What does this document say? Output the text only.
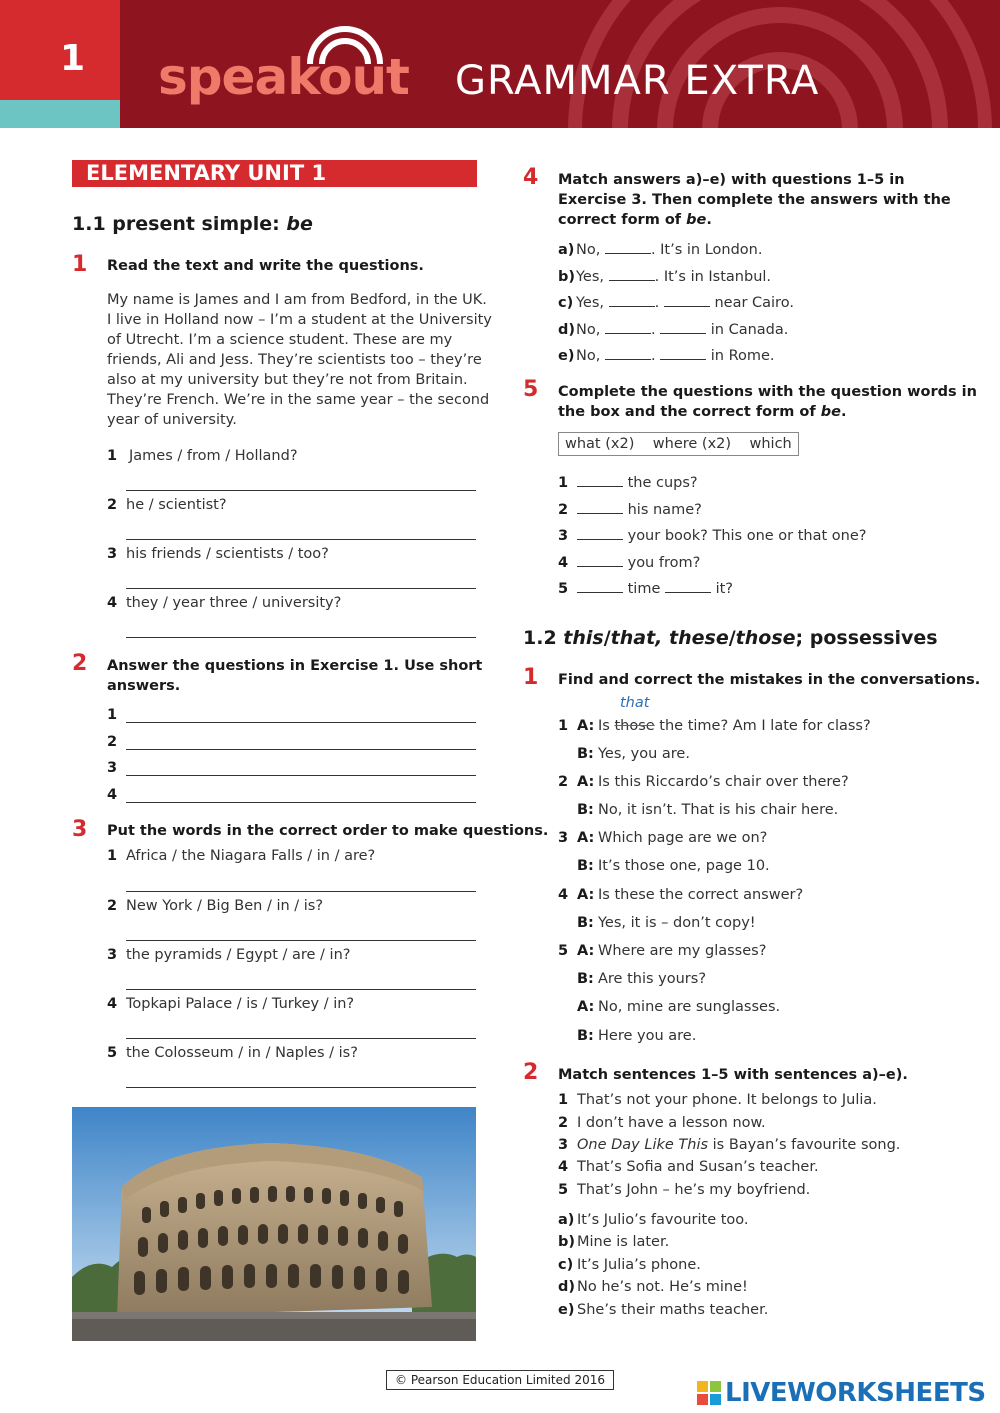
1 speakout GRAMMAR EXTRA
ELEMENTARY UNIT 1
1.1 present simple: be
1 Read the text and write the questions.
My name is James and I am from Bedford, in the UK.
I live in Holland now – I’m a student at the University
of Utrecht. I’m a science student. These are my
friends, Ali and Jess. They’re scientists too – they’re
also at my university but they’re not from Britain.
They’re French. We’re in the same year – the second
year of university.
1 James / from / Holland?
2 he / scientist?
3 his friends / scientists / too?
4 they / year three / university?
2 Answer the questions in Exercise 1. Use short
answers.
1
2
3
4
3 Put the words in the correct order to make questions.
1 Africa / the Niagara Falls / in / are?
2 New York / Big Ben / in / is?
3 the pyramids / Egypt / are / in?
4 Topkapi Palace / is / Turkey / in?
5 the Colosseum / in / Naples / is?
4 Match answers a)–e) with questions 1–5 in
Exercise 3. Then complete the answers with the
correct form of be.
a) No,	. It’s in London.
b)Yes,	. It’s in Istanbul.
c) Yes,	.	near Cairo.
d)No,	.	in Canada.
e) No,	.	in Rome.
5 Complete the questions with the question words in
the box and the correct form of be.
what (x2)    where (x2)    which
1	the cups?
2	his name?
3	your book? This one or that one?
4	you from?
5	time	it?
1.2 this/that, these/those; possessives
1 Find and correct the mistakes in the conversations.
that
1 A: Is those the time? Am I late for class?
B: Yes, you are.
2 A: Is this Riccardo’s chair over there?
B: No, it isn’t. That is his chair here.
3 A: Which page are we on?
B: It’s those one, page 10.
4 A: Is these the correct answer?
B: Yes, it is – don’t copy!
5 A: Where are my glasses?
B: Are this yours?
A: No, mine are sunglasses.
B: Here you are.
2 Match sentences 1–5 with sentences a)–e).
1 That’s not your phone. It belongs to Julia.
2 I don’t have a lesson now.
3 One Day Like This is Bayan’s favourite song.
4 That’s Sofia and Susan’s teacher.
5 That’s John – he’s my boyfriend.
a) It’s Julio’s favourite too.
b) Mine is later.
c) It’s Julia’s phone.
d) No he’s not. He’s mine!
e) She’s their maths teacher.
© Pearson Education Limited 2016	LIVEWORKSHEETS
